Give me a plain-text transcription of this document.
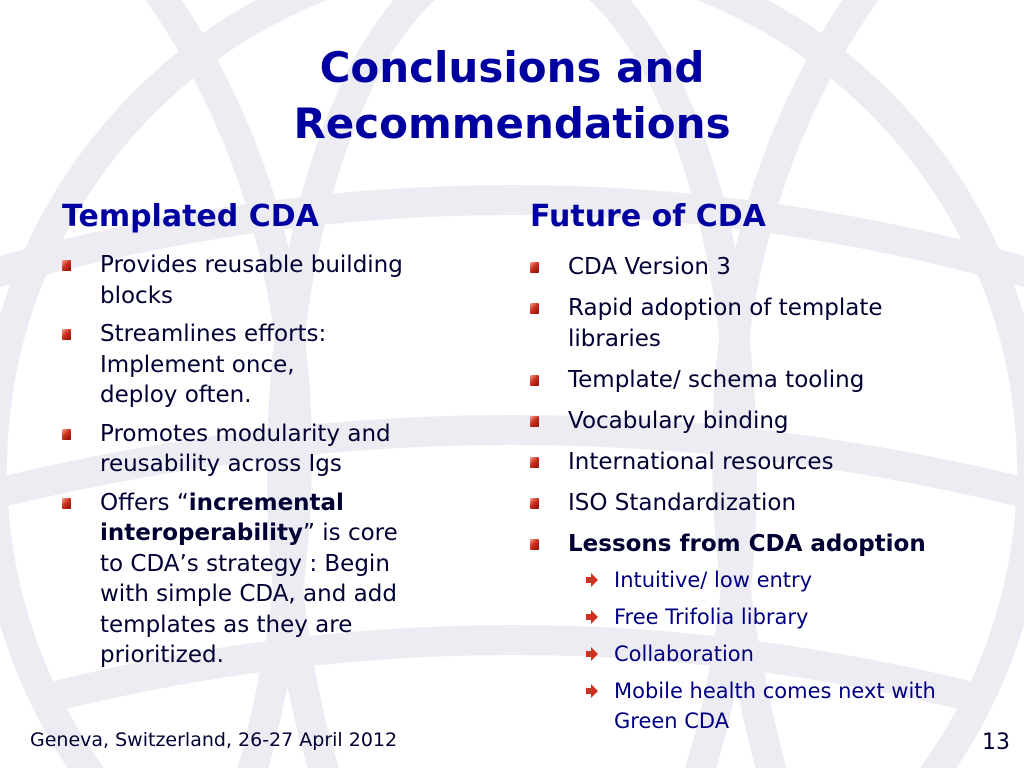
Conclusions and
Recommendations
Templated CDA
Provides reusable building
blocks
Streamlines efforts:
Implement once,
deploy often.
Promotes modularity and
reusability across Igs
Offers “incremental
interoperability” is core
to CDA’s strategy : Begin
with simple CDA, and add
templates as they are
prioritized.
Future of CDA
CDA Version 3
Rapid adoption of template
libraries
Template/ schema tooling
Vocabulary binding
International resources
ISO Standardization
Lessons from CDA adoption
Intuitive/ low entry
Free Trifolia library
Collaboration
Mobile health comes next with
Green CDA
Geneva, Switzerland, 26-27 April 2012	13
